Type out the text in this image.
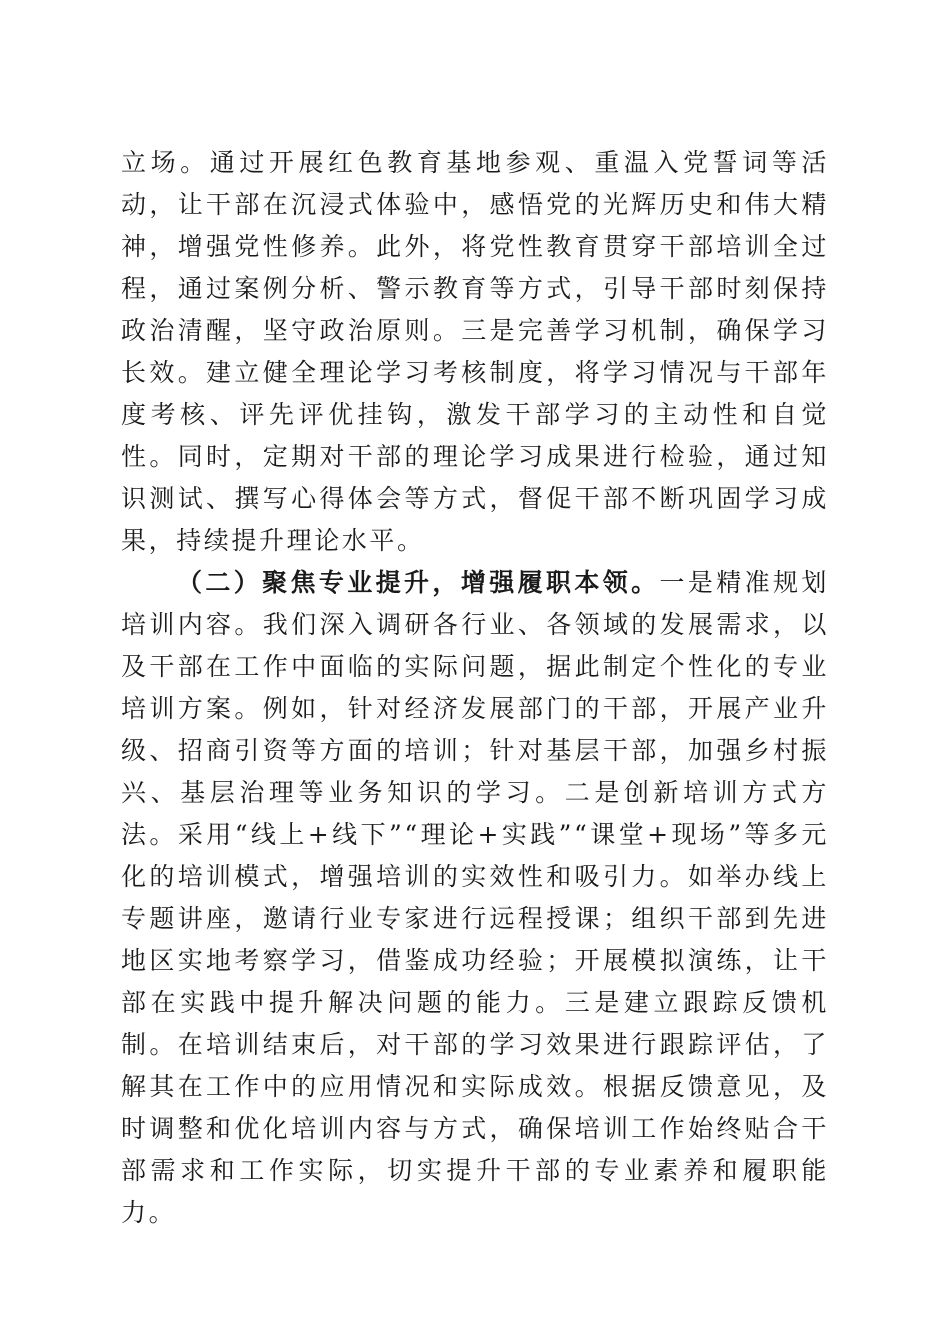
立场。通过开展红色教育基地参观、重温入党誓词等活动，让干部在沉浸式体验中，感悟党的光辉历史和伟大精神，增强党性修养。此外，将党性教育贯穿干部培训全过程，通过案例分析、警示教育等方式，引导干部时刻保持政治清醒，坚守政治原则。三是完善学习机制，确保学习长效。建立健全理论学习考核制度，将学习情况与干部年度考核、评先评优挂钩，激发干部学习的主动性和自觉性。同时，定期对干部的理论学习成果进行检验，通过知识测试、撰写心得体会等方式，督促干部不断巩固学习成果，持续提升理论水平。

（二）聚焦专业提升，增强履职本领。一是精准规划培训内容。我们深入调研各行业、各领域的发展需求，以及干部在工作中面临的实际问题，据此制定个性化的专业培训方案。例如，针对经济发展部门的干部，开展产业升级、招商引资等方面的培训；针对基层干部，加强乡村振兴、基层治理等业务知识的学习。二是创新培训方式方法。采用“线上+线下”“理论+实践”“课堂+现场”等多元化的培训模式，增强培训的实效性和吸引力。如举办线上专题讲座，邀请行业专家进行远程授课；组织干部到先进地区实地考察学习，借鉴成功经验；开展模拟演练，让干部在实践中提升解决问题的能力。三是建立跟踪反馈机制。在培训结束后，对干部的学习效果进行跟踪评估，了解其在工作中的应用情况和实际成效。根据反馈意见，及时调整和优化培训内容与方式，确保培训工作始终贴合干部需求和工作实际，切实提升干部的专业素养和履职能力。
